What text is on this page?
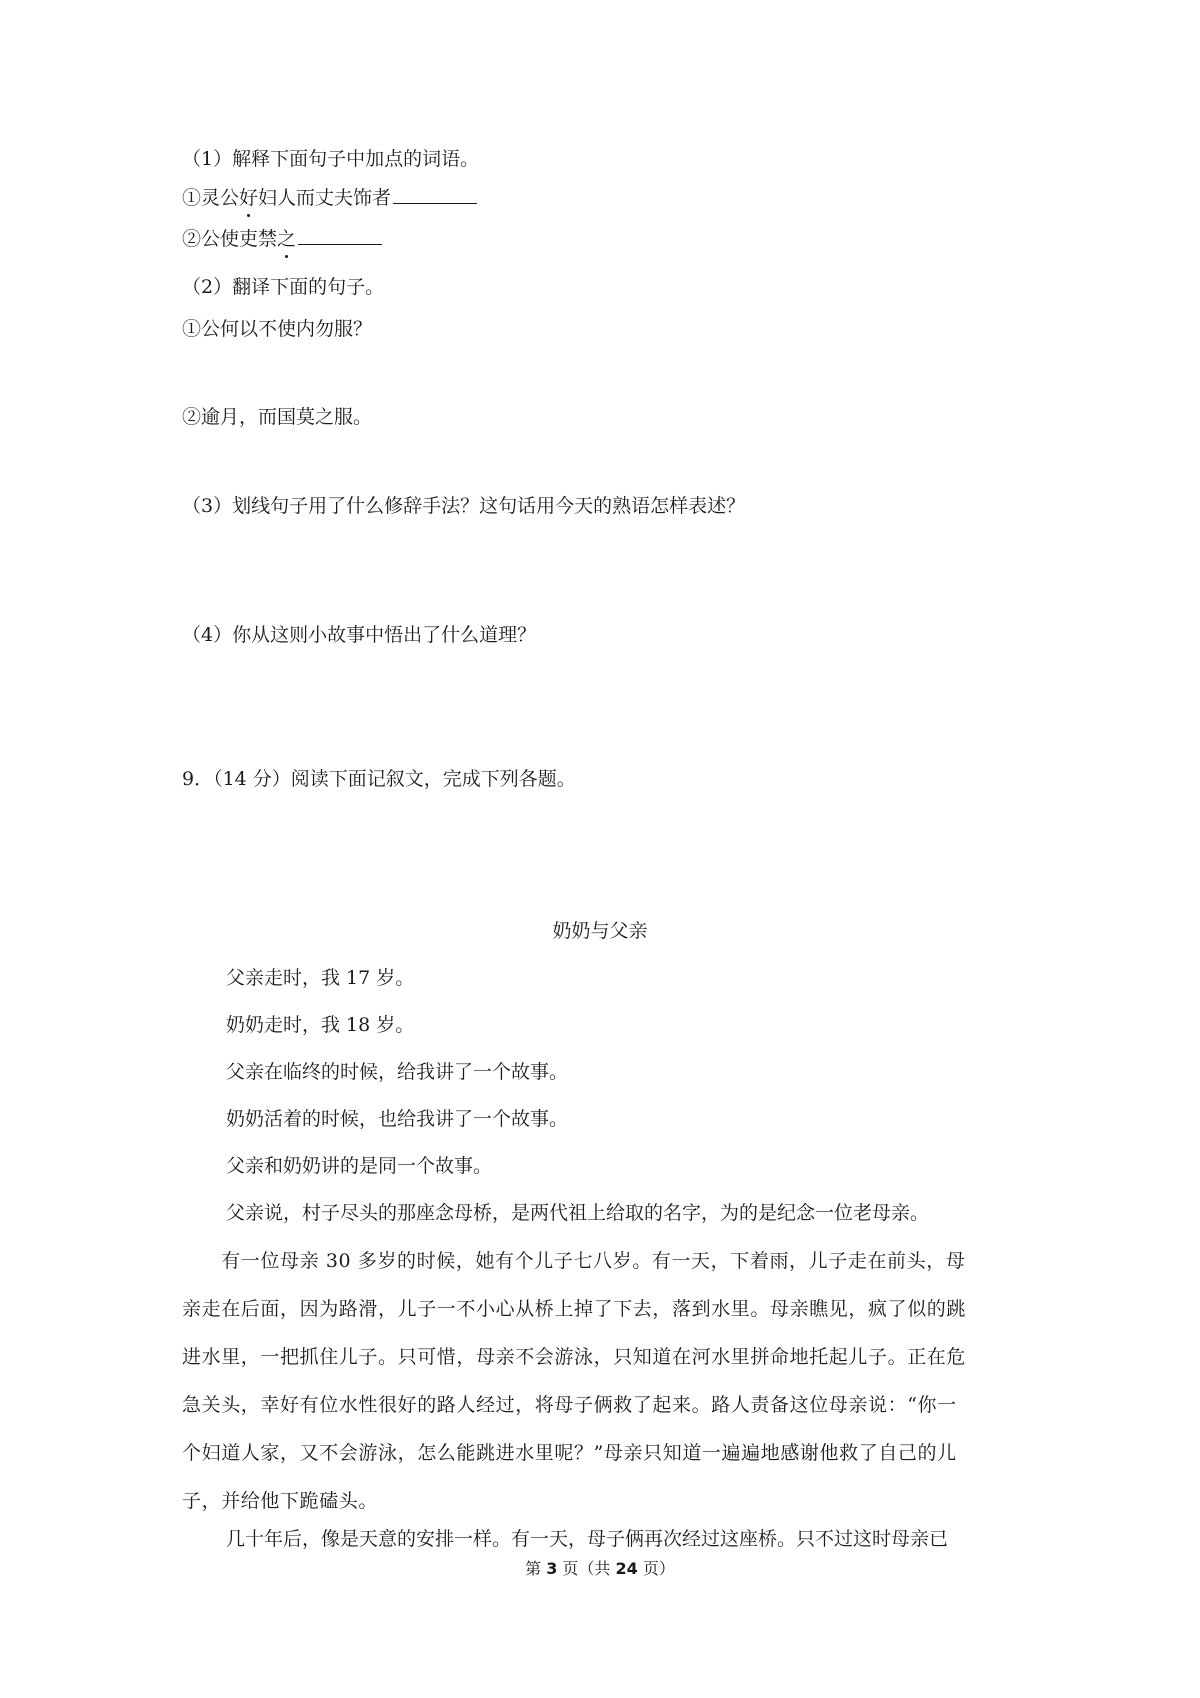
（1）解释下面句子中加点的词语。

①灵公好妇人而丈夫饰者

②公使吏禁之

（2）翻译下面的句子。

①公何以不使内勿服？

②逾月，而国莫之服。

（3）划线句子用了什么修辞手法？这句话用今天的熟语怎样表述？

（4）你从这则小故事中悟出了什么道理？

9．（14 分）阅读下面记叙文，完成下列各题。

奶奶与父亲

父亲走时，我 17 岁。

奶奶走时，我 18 岁。

父亲在临终的时候，给我讲了一个故事。

奶奶活着的时候，也给我讲了一个故事。

父亲和奶奶讲的是同一个故事。

父亲说，村子尽头的那座念母桥，是两代祖上给取的名字，为的是纪念一位老母亲。

　　有一位母亲 30 多岁的时候，她有个儿子七八岁。有一天，下着雨，儿子走在前头，母
亲走在后面，因为路滑，儿子一不小心从桥上掉了下去，落到水里。母亲瞧见，疯了似的跳
进水里，一把抓住儿子。只可惜，母亲不会游泳，只知道在河水里拼命地托起儿子。正在危
急关头，幸好有位水性很好的路人经过，将母子俩救了起来。路人责备这位母亲说：“你一
个妇道人家，又不会游泳，怎么能跳进水里呢？”母亲只知道一遍遍地感谢他救了自己的儿
子，并给他下跪磕头。

几十年后，像是天意的安排一样。有一天，母子俩再次经过这座桥。只不过这时母亲已

第 3 页（共 24 页）
